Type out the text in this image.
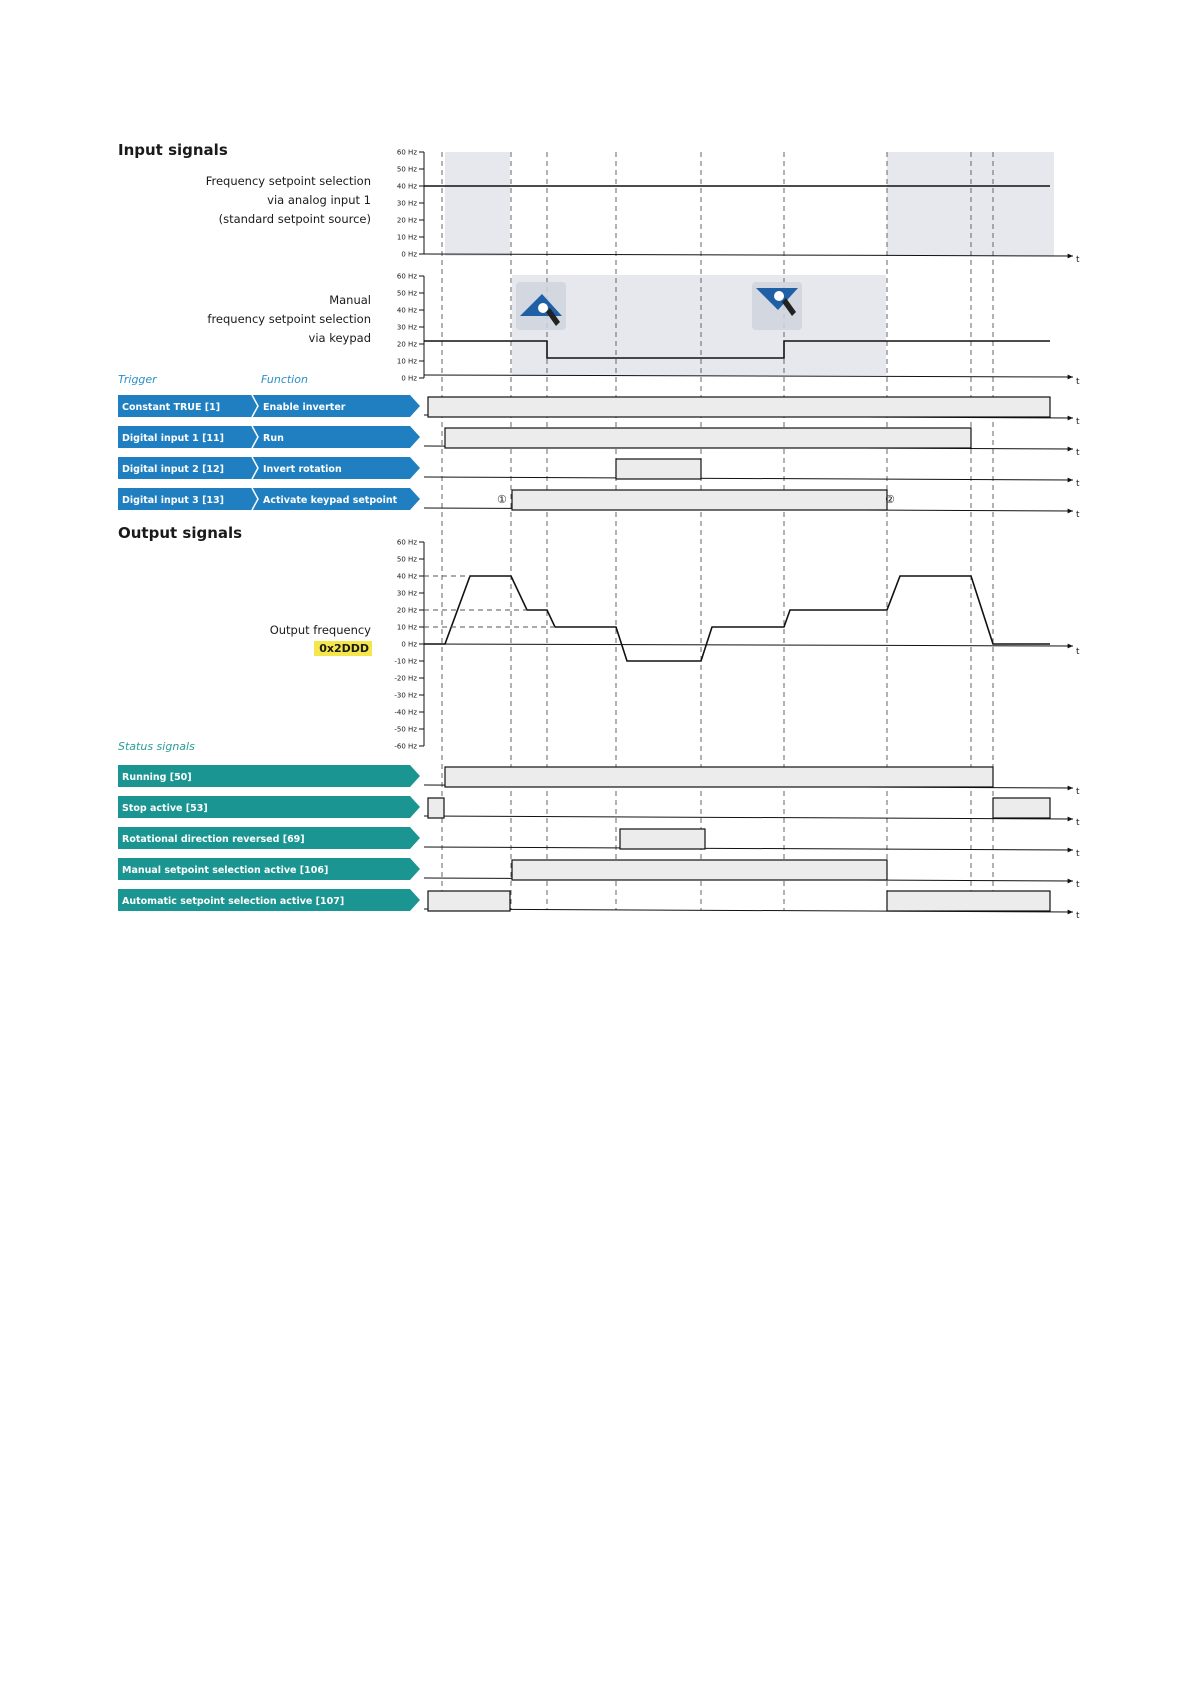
Input signals
Output signals
Frequency setpoint selection
via analog input 1
(standard setpoint source)
Manual
frequency setpoint selection
via keypad
Output frequency
0x2DDD
60 Hz
50 Hz
40 Hz
30 Hz
20 Hz
10 Hz
0 Hz
60 Hz
50 Hz
40 Hz
30 Hz
20 Hz
10 Hz
0 Hz
60 Hz
50 Hz
40 Hz
30 Hz
20 Hz
10 Hz
0 Hz
-10 Hz
-20 Hz
-30 Hz
-40 Hz
-50 Hz
-60 Hz
Trigger	Function
Status signals
Constant TRUE [1]	Enable inverter
Digital input 1 [11]	Run
Digital input 2 [12]	Invert rotation
Digital input 3 [13]	Activate keypad setpoint
Running [50]
Stop active [53]
Rotational direction reversed [69]
Manual setpoint selection active [106]
Automatic setpoint selection active [107]
①	②
t
t
t
t
t
t
t
t
t
t
t
t
